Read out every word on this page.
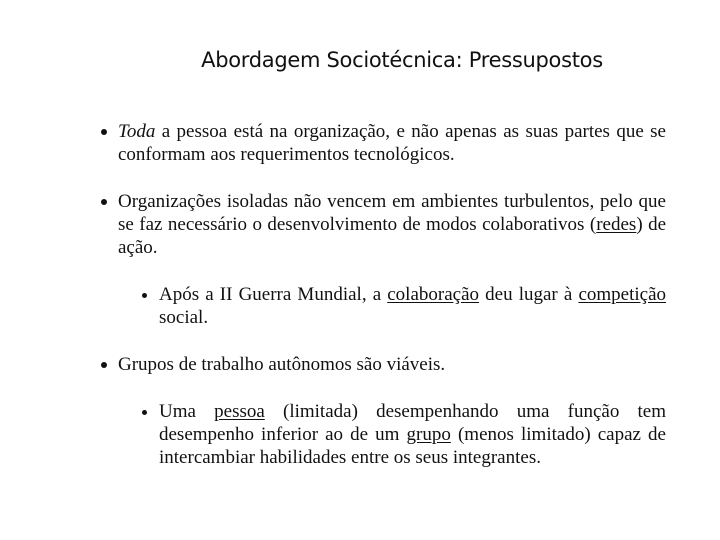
Abordagem Sociotécnica: Pressupostos
Toda a pessoa está na organização, e não apenas as suas partes que se conformam aos requerimentos tecnológicos.
Organizações isoladas não vencem em ambientes turbulentos, pelo que se faz necessário o desenvolvimento de modos colaborativos (redes) de ação.
Após a II Guerra Mundial, a colaboração deu lugar à competição social.
Grupos de trabalho autônomos são viáveis.
Uma pessoa (limitada) desempenhando uma função tem desempenho inferior ao de um grupo (menos limitado) capaz de intercambiar habilidades entre os seus integrantes.
